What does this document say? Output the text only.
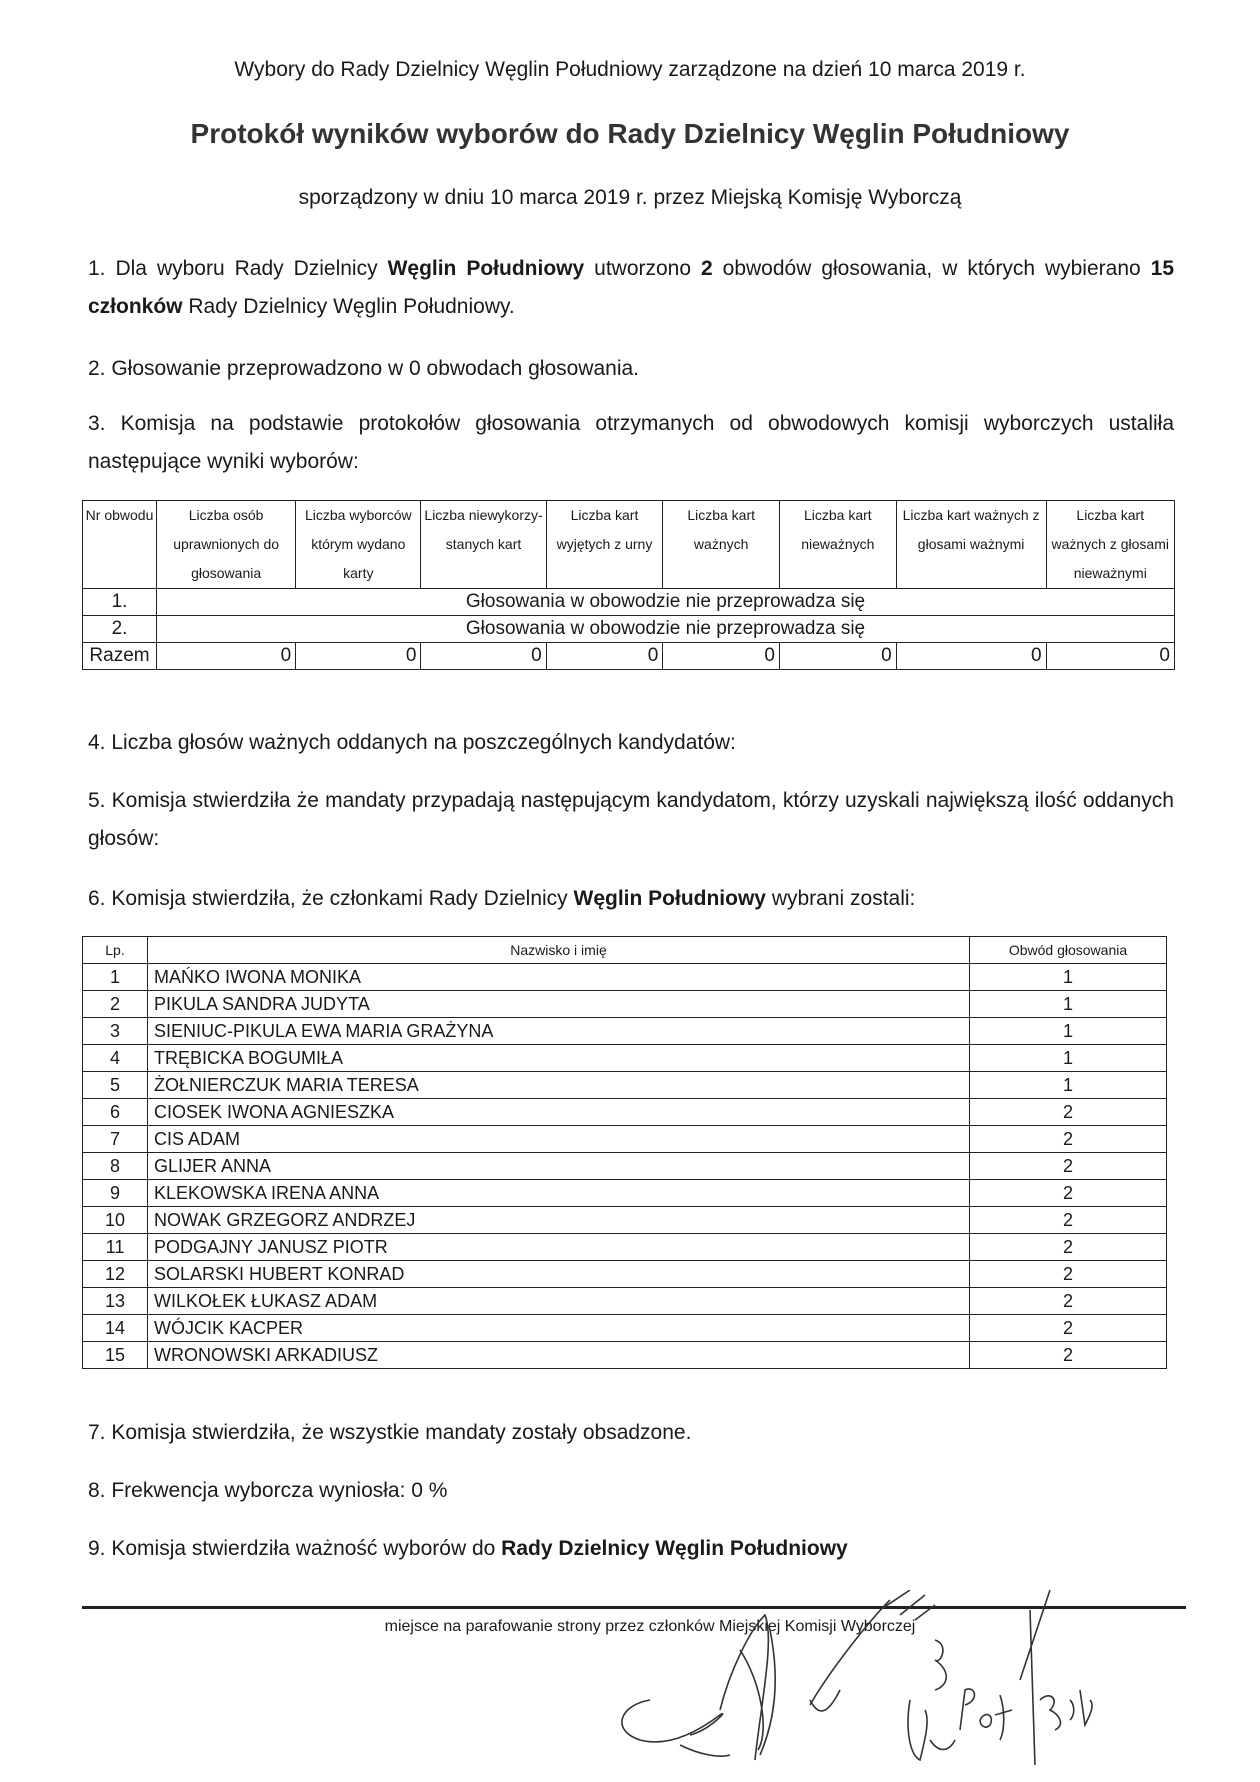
Wybory do Rady Dzielnicy Węglin Południowy zarządzone na dzień 10 marca 2019 r.
Protokół wyników wyborów do Rady Dzielnicy Węglin Południowy
sporządzony w dniu 10 marca 2019 r. przez Miejską Komisję Wyborczą
1. Dla wyboru Rady Dzielnicy Węglin Południowy utworzono 2 obwodów głosowania, w których wybierano 15 członków Rady Dzielnicy Węglin Południowy.
2. Głosowanie przeprowadzono w 0 obwodach głosowania.
3. Komisja na podstawie protokołów głosowania otrzymanych od obwodowych komisji wyborczych ustaliła następujące wyniki wyborów:
Nr obwodu	Liczba osób uprawnionych do głosowania	Liczba wyborców którym wydano karty	Liczba niewykorzy-stanych kart	Liczba kart wyjętych z urny	Liczba kart ważnych	Liczba kart nieważnych	Liczba kart ważnych z głosami ważnymi	Liczba kart ważnych z głosami nieważnymi
1.	Głosowania w obowodzie nie przeprowadza się							
2.	Głosowania w obowodzie nie przeprowadza się							
Razem	0	0	0	0	0	0	0	0
4. Liczba głosów ważnych oddanych na poszczególnych kandydatów:
5. Komisja stwierdziła że mandaty przypadają następującym kandydatom, którzy uzyskali największą ilość oddanych głosów:
6. Komisja stwierdziła, że członkami Rady Dzielnicy Węglin Południowy wybrani zostali:
Lp.	Nazwisko i imię	Obwód głosowania
1	MAŃKO IWONA MONIKA	1
2	PIKULA SANDRA JUDYTA	1
3	SIENIUC-PIKULA EWA MARIA GRAŻYNA	1
4	TRĘBICKA BOGUMIŁA	1
5	ŻOŁNIERCZUK MARIA TERESA	1
6	CIOSEK IWONA AGNIESZKA	2
7	CIS ADAM	2
8	GLIJER ANNA	2
9	KLEKOWSKA IRENA ANNA	2
10	NOWAK GRZEGORZ ANDRZEJ	2
11	PODGAJNY JANUSZ PIOTR	2
12	SOLARSKI HUBERT KONRAD	2
13	WILKOŁEK ŁUKASZ ADAM	2
14	WÓJCIK KACPER	2
15	WRONOWSKI ARKADIUSZ	2
7. Komisja stwierdziła, że wszystkie mandaty zostały obsadzone.
8. Frekwencja wyborcza wyniosła: 0 %
9. Komisja stwierdziła ważność wyborów do Rady Dzielnicy Węglin Południowy
miejsce na parafowanie strony przez członków Miejskiej Komisji Wyborczej
